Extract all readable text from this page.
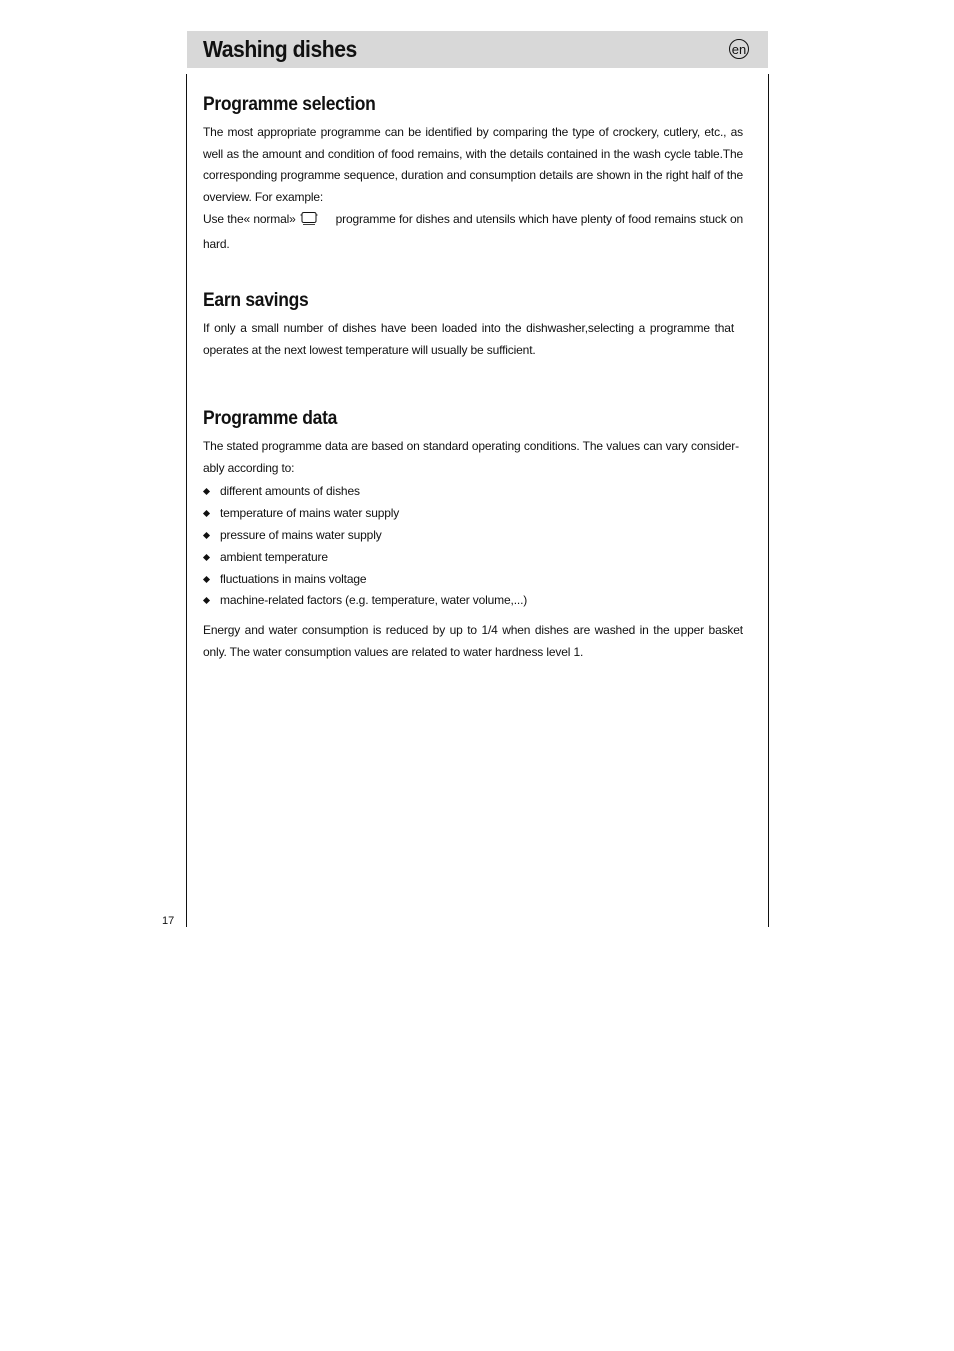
Washing dishes	en
17
Programme selection

The most appropriate programme can be identified by comparing the type of crockery, cutlery, etc., as well as the amount and condition of food remains, with the details contained in the wash cycle table.The corresponding programme sequence, duration and consumption details are shown in the right half of the overview. For example:

Use the« normal»	programme for dishes and utensils which have plenty of food remains stuck on hard.

Earn savings

If only a small number of dishes have been loaded into the dishwasher,selecting a programme that operates at the next lowest temperature will usually be sufficient.

Programme data

The stated programme data are based on standard operating conditions. The values can vary consider-ably according to:

different amounts of dishes
temperature of mains water supply
pressure of mains water supply
ambient temperature
fluctuations in mains voltage
machine-related factors (e.g. temperature, water volume,...)

Energy and water consumption is reduced by up to 1/4 when dishes are washed in the upper basket only. The water consumption values are related to water hardness level 1.
